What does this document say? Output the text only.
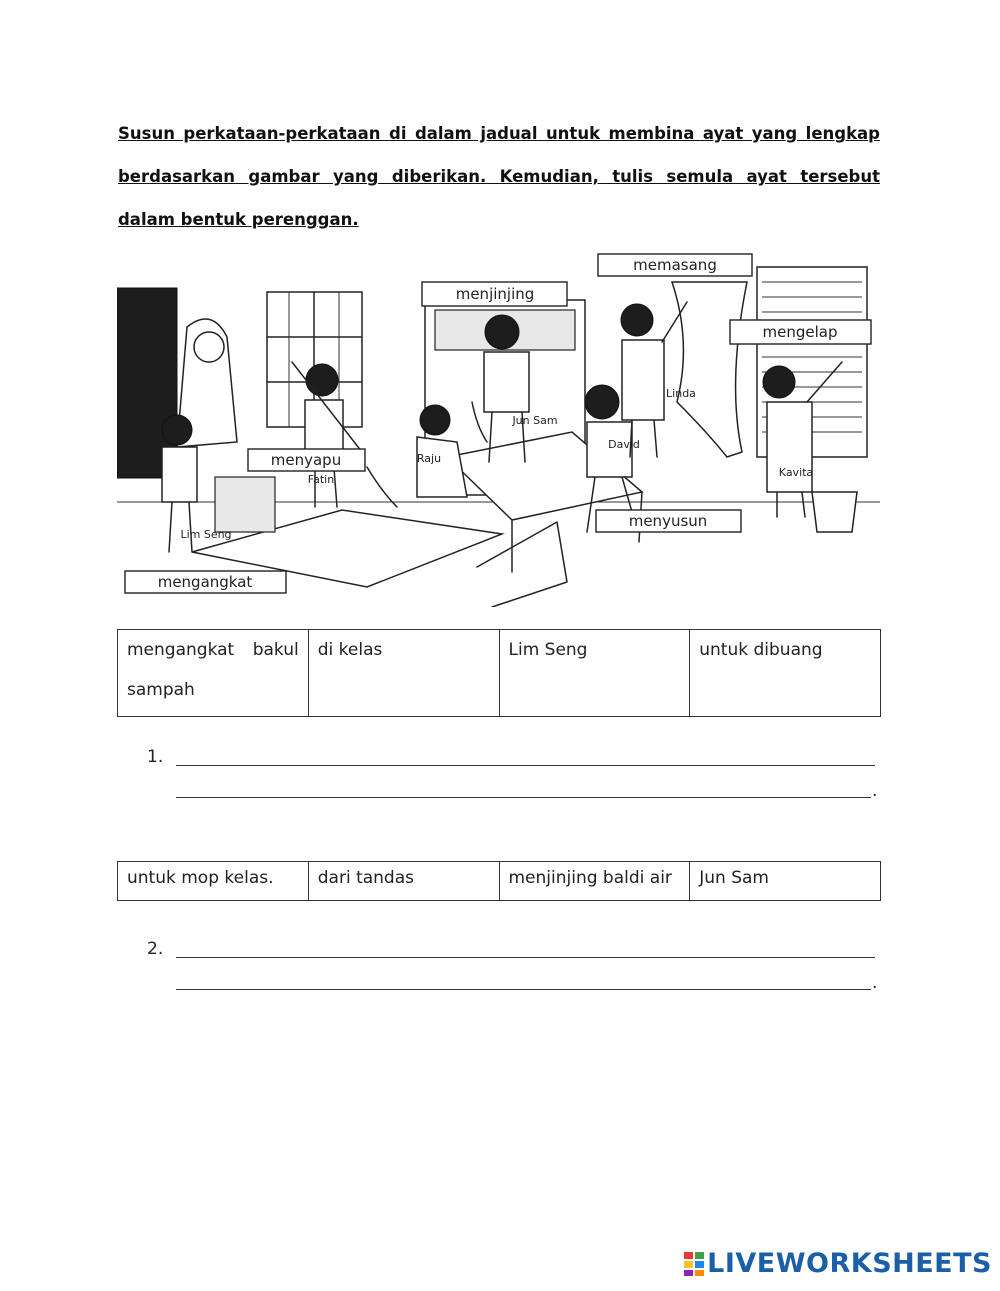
Susun perkataan-perkataan di dalam jadual untuk membina ayat yang lengkap berdasarkan gambar yang diberikan. Kemudian, tulis semula ayat tersebut dalam bentuk perenggan.
memasang
menjinjing
mengelap
menyapu
menyusun
mengangkat
Linda
Jun Sam
David
Raju
Fatin
Kavita
Lim Seng
mengangkat bakul sampah	di kelas	Lim Seng	untuk dibuang
1.
.
untuk mop kelas.	dari tandas	menjinjing baldi air	Jun Sam
2.
.
LIVEWORKSHEETS
